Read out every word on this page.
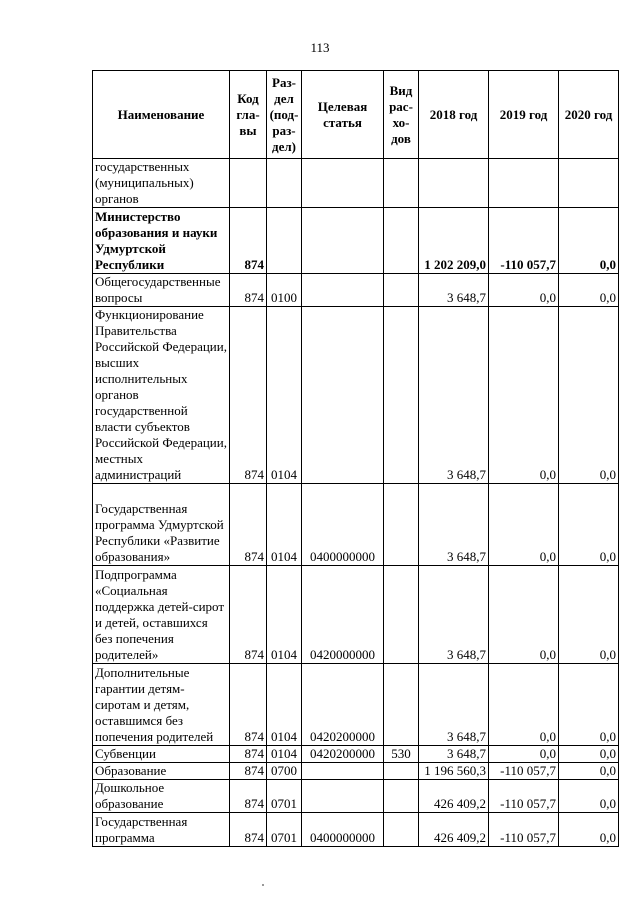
113
Наименование	Код гла- вы	Раз- дел (под- раз- дел)	Целевая статья	Вид рас- хо- дов	2018 год	2019 год	2020 год
государственных (муниципальных) органов							
Министерство образования и науки Удмуртской Республики	874				1 202 209,0	-110 057,7	0,0
Общегосударственные вопросы	874	0100			3 648,7	0,0	0,0
Функционирование Правительства Российской Федерации, высших исполнительных органов государственной власти субъектов Российской Федерации, местных администраций	874	0104			3 648,7	0,0	0,0
Государственная программа Удмуртской Республики «Развитие образования»	874	0104	0400000000		3 648,7	0,0	0,0
Подпрограмма «Социальная поддержка детей-сирот и детей, оставшихся без попечения родителей»	874	0104	0420000000		3 648,7	0,0	0,0
Дополнительные гарантии детям-сиротам и детям, оставшимся без попечения родителей	874	0104	0420200000		3 648,7	0,0	0,0
Субвенции	874	0104	0420200000	530	3 648,7	0,0	0,0
Образование	874	0700			1 196 560,3	-110 057,7	0,0
Дошкольное образование	874	0701			426 409,2	-110 057,7	0,0
Государственная программа	874	0701	0400000000		426 409,2	-110 057,7	0,0
